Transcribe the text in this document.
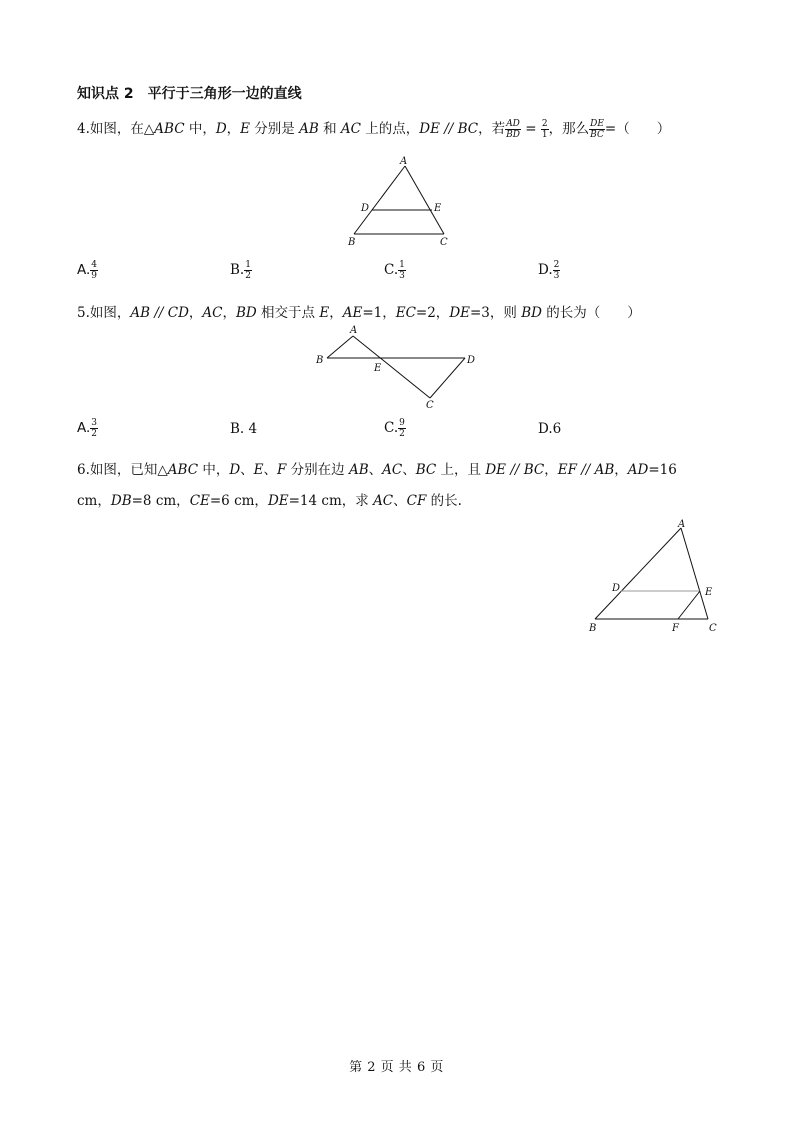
知识点 2　平行于三角形一边的直线
4.如图，在△ABC 中，D，E 分别是 AB 和 AC 上的点，DE // BC，若 $\frac{AD}{BD} = \frac{2}{1}$ ，那么 $\frac{DE}{BC}$ =（　　）
A
B	C
D	E
A. $\frac{4}{9}$	B. $\frac{1}{2}$	C. $\frac{1}{3}$	D. $\frac{2}{3}$
5.如图，AB // CD，AC，BD 相交于点 E，AE=1，EC=2，DE=3，则 BD 的长为（　　）
A
B
E
D
C
A. $\frac{3}{2}$	B. 4	C. $\frac{9}{2}$	D.6
6.如图，已知△ABC 中，D、E、F 分别在边 AB、AC、BC 上，且 DE // BC，EF // AB，AD=16
cm，DB=8 cm，CE=6 cm，DE=14 cm，求 AC、CF 的长.
A
B	C
D	E
F
第 2 页 共 6 页
